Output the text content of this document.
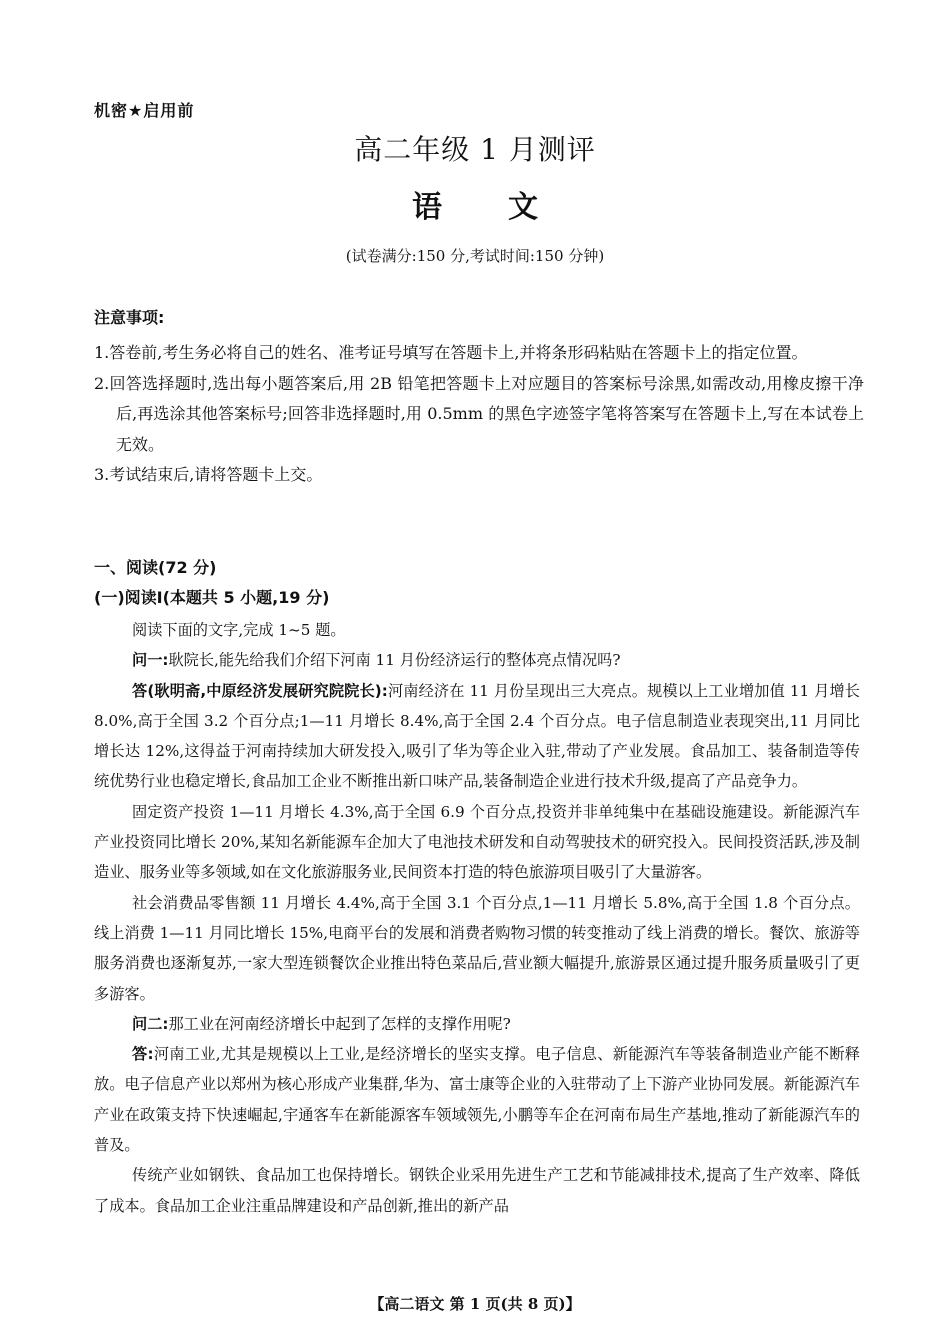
机密★启用前
高二年级 1 月测评
语 文
(试卷满分:150 分,考试时间:150 分钟)
注意事项:
1.答卷前,考生务必将自己的姓名、准考证号填写在答题卡上,并将条形码粘贴在答题卡上的指定位置。
2.回答选择题时,选出每小题答案后,用 2B 铅笔把答题卡上对应题目的答案标号涂黑,如需改动,用橡皮擦干净后,再选涂其他答案标号;回答非选择题时,用 0.5mm 的黑色字迹签字笔将答案写在答题卡上,写在本试卷上无效。
3.考试结束后,请将答题卡上交。
一、阅读(72 分)
(一)阅读Ⅰ(本题共 5 小题,19 分)

阅读下面的文字,完成 1~5 题。

问一:耿院长,能先给我们介绍下河南 11 月份经济运行的整体亮点情况吗?

答(耿明斋,中原经济发展研究院院长):河南经济在 11 月份呈现出三大亮点。规模以上工业增加值 11 月增长 8.0%,高于全国 3.2 个百分点;1—11 月增长 8.4%,高于全国 2.4 个百分点。电子信息制造业表现突出,11 月同比增长达 12%,这得益于河南持续加大研发投入,吸引了华为等企业入驻,带动了产业发展。食品加工、装备制造等传统优势行业也稳定增长,食品加工企业不断推出新口味产品,装备制造企业进行技术升级,提高了产品竞争力。

固定资产投资 1—11 月增长 4.3%,高于全国 6.9 个百分点,投资并非单纯集中在基础设施建设。新能源汽车产业投资同比增长 20%,某知名新能源车企加大了电池技术研发和自动驾驶技术的研究投入。民间投资活跃,涉及制造业、服务业等多领域,如在文化旅游服务业,民间资本打造的特色旅游项目吸引了大量游客。

社会消费品零售额 11 月增长 4.4%,高于全国 3.1 个百分点,1—11 月增长 5.8%,高于全国 1.8 个百分点。线上消费 1—11 月同比增长 15%,电商平台的发展和消费者购物习惯的转变推动了线上消费的增长。餐饮、旅游等服务消费也逐渐复苏,一家大型连锁餐饮企业推出特色菜品后,营业额大幅提升,旅游景区通过提升服务质量吸引了更多游客。

问二:那工业在河南经济增长中起到了怎样的支撑作用呢?

答:河南工业,尤其是规模以上工业,是经济增长的坚实支撑。电子信息、新能源汽车等装备制造业产能不断释放。电子信息产业以郑州为核心形成产业集群,华为、富士康等企业的入驻带动了上下游产业协同发展。新能源汽车产业在政策支持下快速崛起,宇通客车在新能源客车领域领先,小鹏等车企在河南布局生产基地,推动了新能源汽车的普及。

传统产业如钢铁、食品加工也保持增长。钢铁企业采用先进生产工艺和节能减排技术,提高了生产效率、降低了成本。食品加工企业注重品牌建设和产品创新,推出的新产品

【高二语文 第 1 页(共 8 页)】
